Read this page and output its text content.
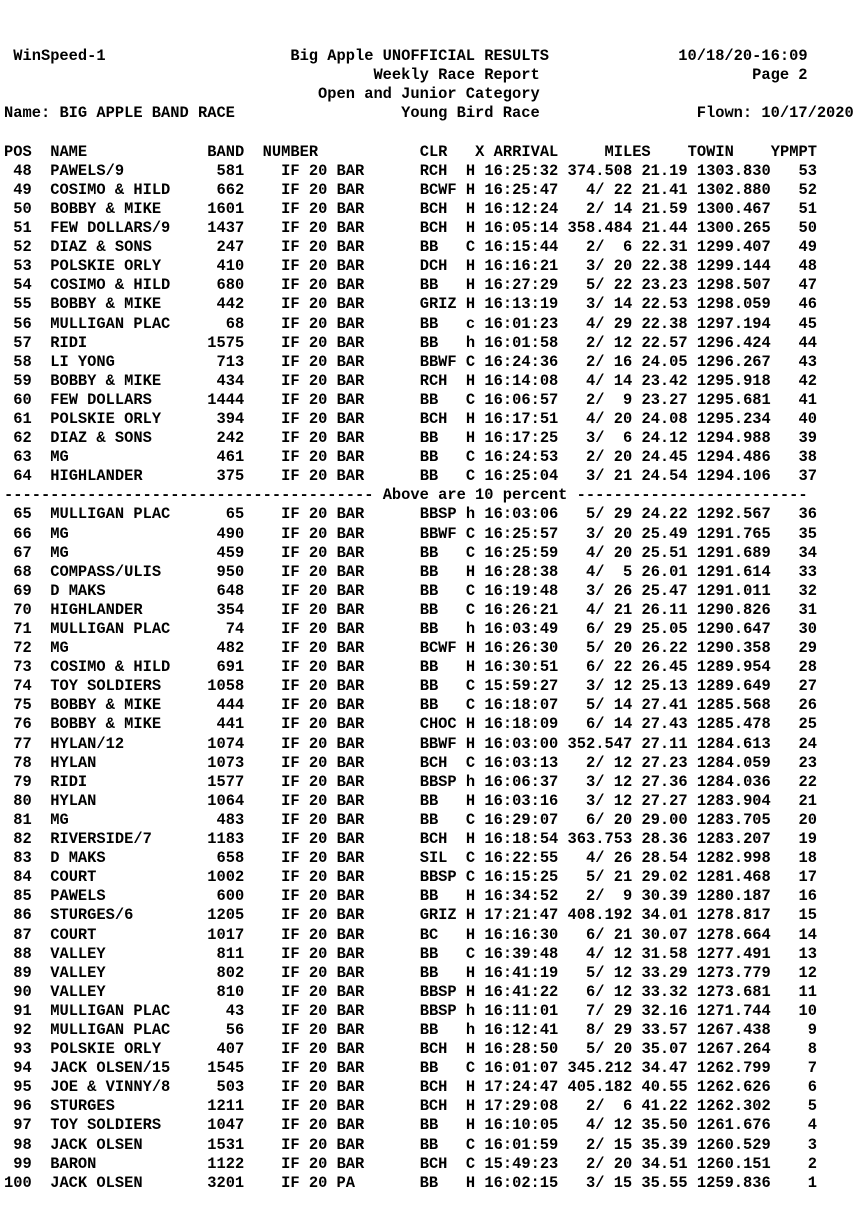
WinSpeed-1	Big Apple UNOFFICIAL RESULTS	10/18/20-16:09
Weekly Race Report	Page 2
Open and Junior Category
Name: BIG APPLE BAND RACE	Young Bird Race	Flown: 10/17/2020
POS NAME	BAND NUMBER	CLR X ARRIVAL	MILES TOWIN YPMPT
48 PAWELS/9	581 IF 20 BAR	RCH H 16:25:32 374.508 21.19 1303.830 53
49 COSIMO & HILD	662 IF 20 BAR	BCWF H 16:25:47 4/ 22 21.41 1302.880 52
50 BOBBY & MIKE	1601 IF 20 BAR	BCH H 16:12:24 2/ 14 21.59 1300.467 51
51 FEW DOLLARS/9 1437 IF 20 BAR	BCH H 16:05:14 358.484 21.44 1300.265 50
52 DIAZ & SONS	247 IF 20 BAR	BB C 16:15:44 2/  6 22.31 1299.407 49
53 POLSKIE ORLY	410 IF 20 BAR	DCH H 16:16:21 3/ 20 22.38 1299.144 48
54 COSIMO & HILD	680 IF 20 BAR	BB H 16:27:29 5/ 22 23.23 1298.507 47
55 BOBBY & MIKE	442 IF 20 BAR	GRIZ H 16:13:19 3/ 14 22.53 1298.059 46
56 MULLIGAN PLAC	68 IF 20 BAR	BB c 16:01:23 4/ 29 22.38 1297.194 45
57 RIDI	1575 IF 20 BAR	BB h 16:01:58 2/ 12 22.57 1296.424 44
58 LI YONG	713 IF 20 BAR	BBWF C 16:24:36 2/ 16 24.05 1296.267 43
59 BOBBY & MIKE	434 IF 20 BAR	RCH H 16:14:08 4/ 14 23.42 1295.918 42
60 FEW DOLLARS	1444 IF 20 BAR	BB C 16:06:57 2/  9 23.27 1295.681 41
61 POLSKIE ORLY	394 IF 20 BAR	BCH H 16:17:51 4/ 20 24.08 1295.234 40
62 DIAZ & SONS	242 IF 20 BAR	BB H 16:17:25 3/  6 24.12 1294.988 39
63 MG	461 IF 20 BAR	BB C 16:24:53 2/ 20 24.45 1294.486 38
64 HIGHLANDER	375 IF 20 BAR	BB C 16:25:04 3/ 21 24.54 1294.106 37
---------------------------------------- Above are 10 percent -------------------------
65 MULLIGAN PLAC	65 IF 20 BAR	BBSP h 16:03:06 5/ 29 24.22 1292.567 36
66 MG	490 IF 20 BAR	BBWF C 16:25:57 3/ 20 25.49 1291.765 35
67 MG	459 IF 20 BAR	BB C 16:25:59 4/ 20 25.51 1291.689 34
68 COMPASS/ULIS	950 IF 20 BAR	BB H 16:28:38 4/  5 26.01 1291.614 33
69 D MAKS	648 IF 20 BAR	BB C 16:19:48 3/ 26 25.47 1291.011 32
70 HIGHLANDER	354 IF 20 BAR	BB C 16:26:21 4/ 21 26.11 1290.826 31
71 MULLIGAN PLAC	74 IF 20 BAR	BB h 16:03:49 6/ 29 25.05 1290.647 30
72 MG	482 IF 20 BAR	BCWF H 16:26:30 5/ 20 26.22 1290.358 29
73 COSIMO & HILD	691 IF 20 BAR	BB H 16:30:51 6/ 22 26.45 1289.954 28
74 TOY SOLDIERS	1058 IF 20 BAR	BB C 15:59:27 3/ 12 25.13 1289.649 27
75 BOBBY & MIKE	444 IF 20 BAR	BB C 16:18:07 5/ 14 27.41 1285.568 26
76 BOBBY & MIKE	441 IF 20 BAR	CHOC H 16:18:09 6/ 14 27.43 1285.478 25
77 HYLAN/12	1074 IF 20 BAR	BBWF H 16:03:00 352.547 27.11 1284.613 24
78 HYLAN	1073 IF 20 BAR	BCH C 16:03:13 2/ 12 27.23 1284.059 23
79 RIDI	1577 IF 20 BAR	BBSP h 16:06:37 3/ 12 27.36 1284.036 22
80 HYLAN	1064 IF 20 BAR	BB H 16:03:16 3/ 12 27.27 1283.904 21
81 MG	483 IF 20 BAR	BB C 16:29:07 6/ 20 29.00 1283.705 20
82 RIVERSIDE/7	1183 IF 20 BAR	BCH H 16:18:54 363.753 28.36 1283.207 19
83 D MAKS	658 IF 20 BAR	SIL C 16:22:55 4/ 26 28.54 1282.998 18
84 COURT	1002 IF 20 BAR	BBSP C 16:15:25 5/ 21 29.02 1281.468 17
85 PAWELS	600 IF 20 BAR	BB H 16:34:52 2/  9 30.39 1280.187 16
86 STURGES/6	1205 IF 20 BAR	GRIZ H 17:21:47 408.192 34.01 1278.817 15
87 COURT	1017 IF 20 BAR	BC H 16:16:30 6/ 21 30.07 1278.664 14
88 VALLEY	811 IF 20 BAR	BB C 16:39:48 4/ 12 31.58 1277.491 13
89 VALLEY	802 IF 20 BAR	BB H 16:41:19 5/ 12 33.29 1273.779 12
90 VALLEY	810 IF 20 BAR	BBSP H 16:41:22 6/ 12 33.32 1273.681 11
91 MULLIGAN PLAC	43 IF 20 BAR	BBSP h 16:11:01 7/ 29 32.16 1271.744 10
92 MULLIGAN PLAC	56 IF 20 BAR	BB h 16:12:41 8/ 29 33.57 1267.438 9
93 POLSKIE ORLY	407 IF 20 BAR	BCH H 16:28:50 5/ 20 35.07 1267.264 8
94 JACK OLSEN/15 1545 IF 20 BAR	BB C 16:01:07 345.212 34.47 1262.799 7
95 JOE & VINNY/8	503 IF 20 BAR	BCH H 17:24:47 405.182 40.55 1262.626 6
96 STURGES	1211 IF 20 BAR	BCH H 17:29:08 2/  6 41.22 1262.302 5
97 TOY SOLDIERS	1047 IF 20 BAR	BB H 16:10:05 4/ 12 35.50 1261.676 4
98 JACK OLSEN	1531 IF 20 BAR	BB C 16:01:59 2/ 15 35.39 1260.529 3
99 BARON	1122 IF 20 BAR	BCH C 15:49:23 2/ 20 34.51 1260.151 2
100 JACK OLSEN	3201 IF 20 PA	BB H 16:02:15 3/ 15 35.55 1259.836 1
